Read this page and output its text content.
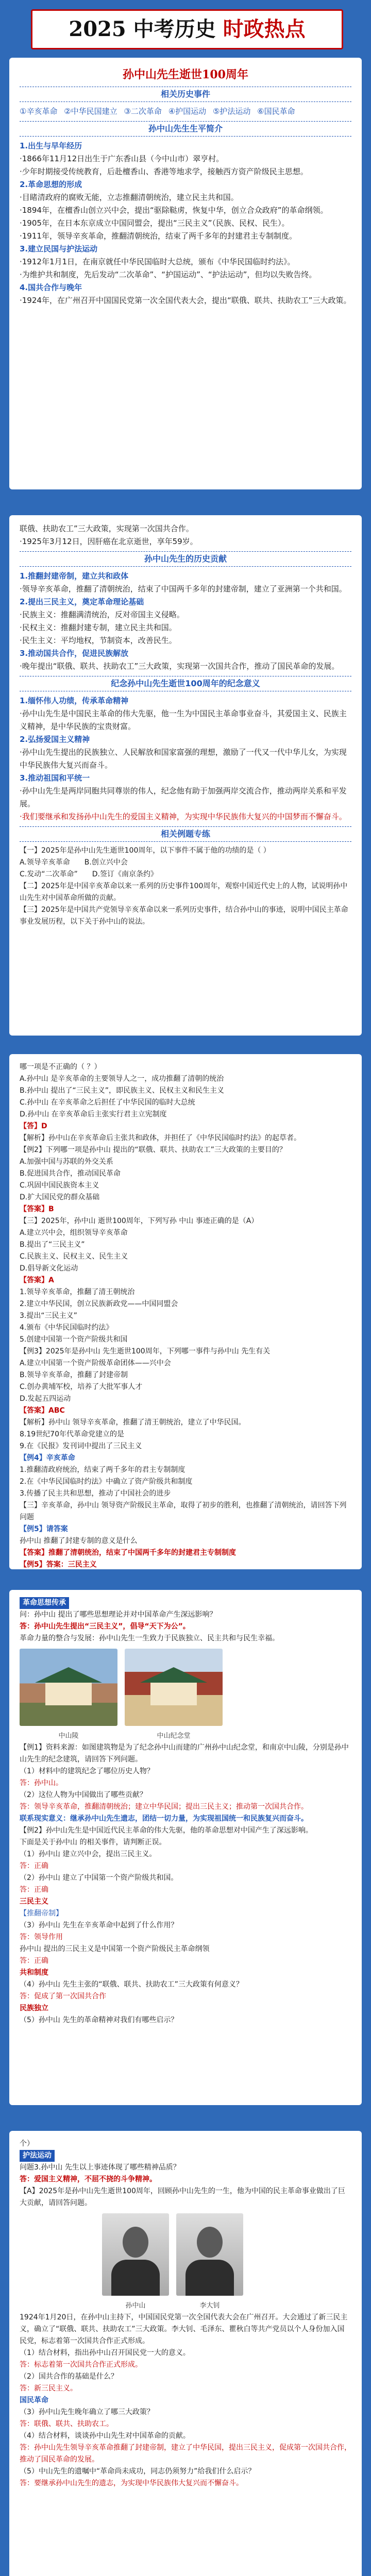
2025 中考历史 时政热点
孙中山先生逝世100周年
相关历史事件
①辛亥革命 ②中华民国建立 ③二次革命 ④护国运动 ⑤护法运动 ⑥国民革命
孙中山先生生平简介

1.出生与早年经历

·1866年11月12日出生于广东香山县（今中山市）翠亨村。

·少年时期接受传统教育，后赴檀香山、香港等地求学，接触西方资产阶级民主思想。

2.革命思想的形成

·目睹清政府的腐败无能，立志推翻清朝统治，建立民主共和国。

·1894年，在檀香山创立兴中会，提出“驱除鞑虏，恢复中华，创立合众政府”的革命纲领。

·1905年，在日本东京成立中国同盟会，提出“三民主义”（民族、民权、民生）。

·1911年，领导辛亥革命，推翻清朝统治，结束了两千多年的封建君主专制制度。

3.建立民国与护法运动

·1912年1月1日，在南京就任中华民国临时大总统，颁布《中华民国临时约法》。

·为维护共和制度，先后发动“二次革命”、“护国运动”、“护法运动”，但均以失败告终。

4.国共合作与晚年

·1924年，在广州召开中国国民党第一次全国代表大会，提出“联俄、联共、扶助农工”三大政策。

联俄、扶助农工”三大政策，实现第一次国共合作。

·1925年3月12日，因肝癌在北京逝世，享年59岁。

孙中山先生的历史贡献

1.推翻封建帝制，建立共和政体

·领导辛亥革命，推翻了清朝统治，结束了中国两千多年的封建帝制，建立了亚洲第一个共和国。

2.提出三民主义，奠定革命理论基础

·民族主义：推翻满清统治，反对帝国主义侵略。

·民权主义：推翻封建专制，建立民主共和国。

·民生主义：平均地权，节制资本，改善民生。

3.推动国共合作，促进民族解放

·晚年提出“联俄、联共、扶助农工”三大政策，实现第一次国共合作，推动了国民革命的发展。

纪念孙中山先生逝世100周年的纪念意义

1.缅怀伟人功绩，传承革命精神

·孙中山先生是中国民主革命的伟大先驱，他一生为中国民主革命事业奋斗，其爱国主义、民族主义精神，是中华民族的宝贵财富。

2.弘扬爱国主义精神

·孙中山先生提出的民族独立、人民解放和国家富强的理想，激励了一代又一代中华儿女，为实现中华民族伟大复兴而奋斗。

3.推动祖国和平统一

·孙中山先生是两岸同胞共同尊崇的伟人，纪念他有助于加强两岸交流合作，推动两岸关系和平发展。

·我们要继承和发扬孙中山先生的爱国主义精神，为实现中华民族伟大复兴的中国梦而不懈奋斗。

相关例题专练

【一】2025年是孙中山先生逝世100周年，以下事件不属于他的功绩的是（ ）

A.领导辛亥革命　　B.创立兴中会

C.发动“二次革命”　　D.签订《南京条约》

【二】2025年是中国辛亥革命以来一系列的历史事件100周年，观察中国近代史上的人物，试说明孙中山先生对中国革命所做的贡献。

【三】2025年是中国共产党领导辛亥革命以来一系列历史事件，结合孙中山的事迹，说明中国民主革命事业发展历程，以下关于孙中山的说法。

哪一项是不正确的（ ？）

A.孙中山 是辛亥革命的主要领导人之一，成功推翻了清朝的统治

B.孙中山 提出了“三民主义”，即民族主义、民权主义和民生主义

C.孙中山 在辛亥革命之后担任了中华民国的临时大总统

D.孙中山 在辛亥革命后主张实行君主立宪制度

【答】D

【解析】孙中山在辛亥革命后主张共和政体，并担任了《中华民国临时约法》的起草者。

【例2】下列哪一项是孙中山 提出的“联俄、联共、扶助农工”三大政策的主要目的？

A.加强中国与苏联的外交关系

B.促进国共合作，推动国民革命

C.巩固中国民族资本主义

D.扩大国民党的群众基础

【答案】B

【三】2025年，孙中山 逝世100周年，下列写孙 中山 事迹正确的是（A）

A.建立兴中会，组织领导辛亥革命

B.提出了“三民主义”

C.民族主义、民权主义、民生主义

D.倡导新文化运动

【答案】A

1.领导辛亥革命，推翻了清王朝统治

2.建立中华民国，创立民族新政党——中国同盟会

3.提出“三民主义”

4.颁布《中华民国临时约法》

5.创建中国第一个资产阶级共和国

【例3】2025年是孙中山 先生逝世100周年，下列哪一事件与孙中山 先生有关

A.建立中国第一个资产阶级革命团体——兴中会

B.领导辛亥革命，推翻了封建帝制

C.创办黄埔军校，培养了大批军事人才

D.发起五四运动

【答案】ABC

【解析】孙中山 领导辛亥革命，推翻了清王朝统治，建立了中华民国。

8.19世纪70年代革命党建立的是

9.在《民报》发刊词中提出了三民主义

【例4】辛亥革命

1.推翻清政府统治，结束了两千多年的君主专制制度

2.在《中华民国临时约法》中确立了资产阶级共和制度

3.传播了民主共和思想，推动了中国社会的进步

【三】辛亥革命，孙中山 领导资产阶级民主革命，取得了初步的胜利，也推翻了清朝统治，请回答下列问题

【例5】请答案

孙中山 推翻了封建专制的意义是什么

【答案】推翻了清朝统治，结束了中国两千多年的封建君主专制制度

【例5】答案：三民主义

革命思想传承

问：孙中山 提出了哪些思想理论并对中国革命产生深远影响？

答：孙中山先生提出“三民主义”，倡导“天下为公”。

革命力量的整合与发展：孙中山先生一生致力于民族独立、民主共和与民生幸福。

中山陵	中山纪念堂

【例1】资料来源：如图建筑物是为了纪念孙中山而建的广州孙中山纪念堂，和南京中山陵，分别是孙中山先生的纪念建筑，请回答下列问题。

（1）材料中的建筑纪念了哪位历史人物？

答：孙中山。

（2）这位人物为中国做出了哪些贡献？

答：领导辛亥革命，推翻清朝统治；建立中华民国；提出三民主义；推动第一次国共合作。

联系现实意义：继承孙中山先生遗志，团结一切力量，为实现祖国统一和民族复兴而奋斗。

【例2】孙中山先生是中国近代民主革命的伟大先驱，他的革命思想对中国产生了深远影响。

下面是关于孙中山 的相关事件，请判断正误。

（1）孙中山 建立兴中会，提出三民主义。

答：正确

（2）孙中山 建立了中国第一个资产阶级共和国。

答：正确

三民主义

【推翻帝制】

（3）孙中山 先生在辛亥革命中起到了什么作用？

答：领导作用

孙中山 提出的三民主义是中国第一个资产阶级民主革命纲领

答：正确

共和制度

（4）孙中山 先生主张的“联俄、联共、扶助农工”三大政策有何意义？

答：促成了第一次国共合作

民族独立

（5）孙中山 先生的革命精神对我们有哪些启示？

个）

护法运动

问题3.孙中山 先生以上事迹体现了哪些精神品质？

答：爱国主义精神，不屈不挠的斗争精神。

【A】2025年是孙中山先生逝世100周年，回顾孙中山先生的一生，他为中国的民主革命事业做出了巨大贡献，请回答问题。

孙中山	李大钊

1924年1月20日，在孙中山主持下，中国国民党第一次全国代表大会在广州召开。大会通过了新三民主义，确立了“联俄、联共、扶助农工”三大政策。李大钊、毛泽东、瞿秋白等共产党员以个人身份加入国民党，标志着第一次国共合作正式形成。

（1）结合材料，指出孙中山召开国民党一大的意义。

答：标志着第一次国共合作正式形成。

（2）国共合作的基础是什么？

答：新三民主义。

国民革命

（3）孙中山先生晚年确立了哪三大政策？

答：联俄、联共、扶助农工。

（4）结合材料，谈谈孙中山先生对中国革命的贡献。

答：孙中山先生领导辛亥革命推翻了封建帝制，建立了中华民国，提出三民主义，促成第一次国共合作，推动了国民革命的发展。

（5）中山先生的遗嘱中“革命尚未成功，同志仍须努力”给我们什么启示？

答：要继承孙中山先生的遗志，为实现中华民族伟大复兴而不懈奋斗。
